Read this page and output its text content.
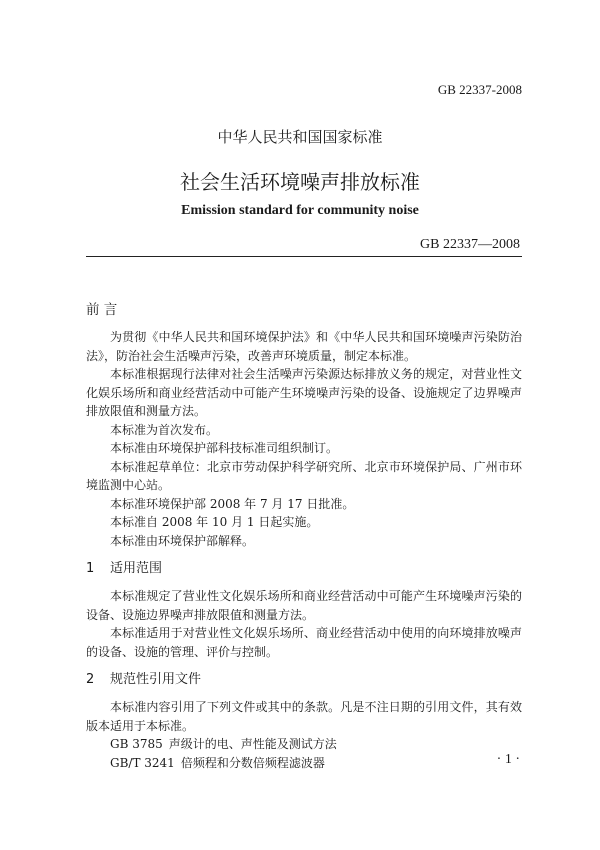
GB 22337-2008
中华人民共和国国家标准
社会生活环境噪声排放标准
Emission standard for community noise
GB 22337—2008
前 言

为贯彻《中华人民共和国环境保护法》和《中华人民共和国环境噪声污染防治法》，防治社会生活噪声污染，改善声环境质量，制定本标准。

本标准根据现行法律对社会生活噪声污染源达标排放义务的规定，对营业性文化娱乐场所和商业经营活动中可能产生环境噪声污染的设备、设施规定了边界噪声排放限值和测量方法。

本标准为首次发布。

本标准由环境保护部科技标准司组织制订。

本标准起草单位：北京市劳动保护科学研究所、北京市环境保护局、广州市环境监测中心站。

本标准环境保护部 2008 年 7 月 17 日批准。

本标准自 2008 年 10 月 1 日起实施。

本标准由环境保护部解释。

1 适用范围

本标准规定了营业性文化娱乐场所和商业经营活动中可能产生环境噪声污染的设备、设施边界噪声排放限值和测量方法。

本标准适用于对营业性文化娱乐场所、商业经营活动中使用的向环境排放噪声的设备、设施的管理、评价与控制。

2 规范性引用文件

本标准内容引用了下列文件或其中的条款。凡是不注日期的引用文件，其有效版本适用于本标准。

GB 3785 声级计的电、声性能及测试方法
GB/T 3241 倍频程和分数倍频程滤波器	· 1 ·
